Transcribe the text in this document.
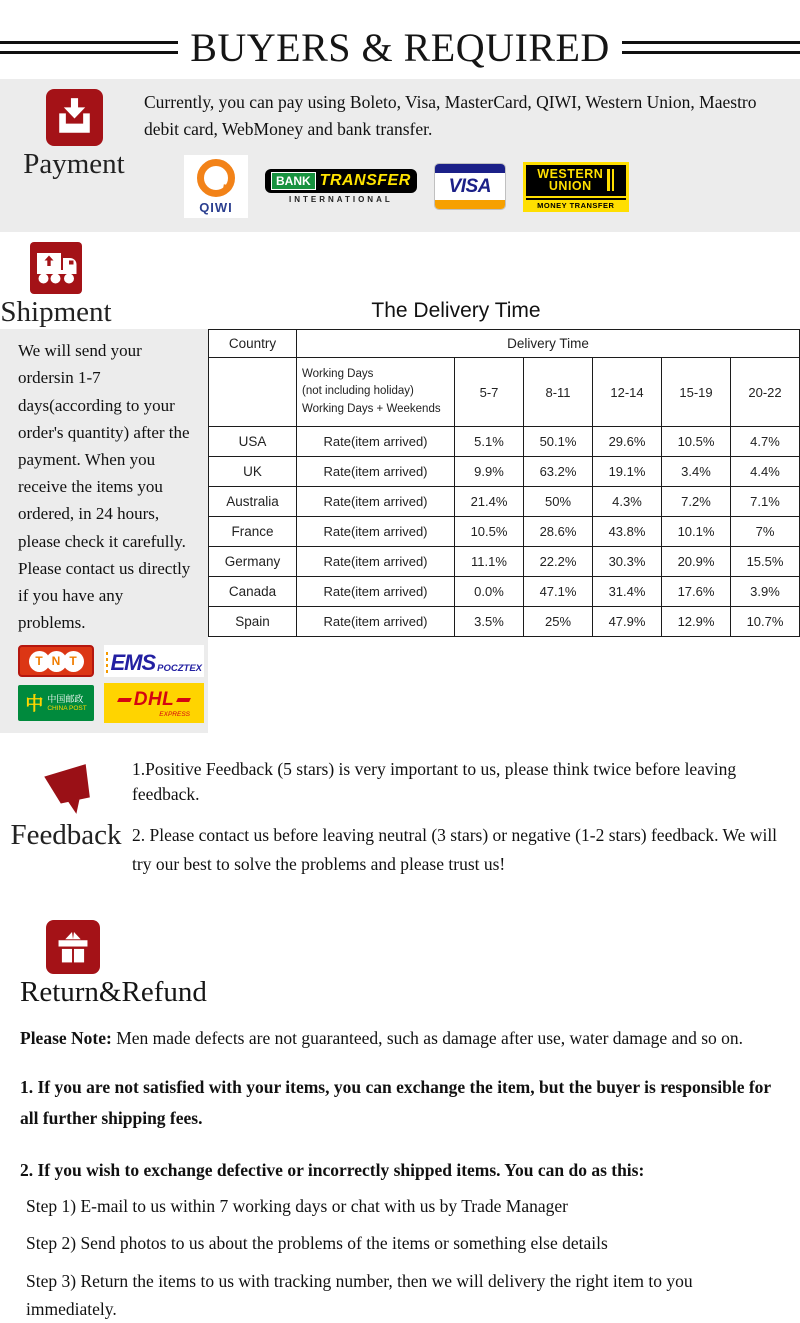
BUYERS & REQUIRED
Payment
Currently, you can pay using Boleto, Visa, MasterCard, QIWI, Western Union, Maestro debit card, WebMoney and bank transfer.
QIWI
BANK TRANSFER
INTERNATIONAL
VISA
WESTERN
UNION
MONEY TRANSFER
Shipment	The Delivery Time
We will send your ordersin 1-7 days(according to your order's quantity) after the payment. When you receive the items you ordered, in 24 hours, please check it carefully. Please contact us directly if you have any problems.
T N T	EMS POCZTEX
中 中国邮政
CHINA POST DHL
EXPRESS
Country	Delivery Time					

	Working Days
(not including holiday)
Working Days + Weekends	5-7	8-11	12-14	15-19	20-22
USA	Rate(item arrived)	5.1%	50.1%	29.6%	10.5%	4.7%
UK	Rate(item arrived)	9.9%	63.2%	19.1%	3.4%	4.4%
Australia	Rate(item arrived)	21.4%	50%	4.3%	7.2%	7.1%
France	Rate(item arrived)	10.5%	28.6%	43.8%	10.1%	7%
Germany	Rate(item arrived)	11.1%	22.2%	30.3%	20.9%	15.5%
Canada	Rate(item arrived)	0.0%	47.1%	31.4%	17.6%	3.9%
Spain	Rate(item arrived)	3.5%	25%	47.9%	12.9%	10.7%
Feedback

1.Positive Feedback (5 stars) is very important to us, please think twice before leaving feedback.

2. Please contact us before leaving neutral (3 stars) or negative (1-2 stars) feedback. We will try our best to solve the problems and please trust us!

Return&Refund

Please Note: Men made defects are not guaranteed, such as damage after use, water damage and so on.

1. If you are not satisfied with your items, you can exchange the item, but the buyer is responsible for all further shipping fees.

2. If you wish to exchange defective or incorrectly shipped items. You can do as this:

Step 1) E-mail to us within 7 working days or chat with us by Trade Manager

Step 2) Send photos to us about the problems of the items or something else details

Step 3) Return the items to us with tracking number, then we will delivery the right item to you immediately.
